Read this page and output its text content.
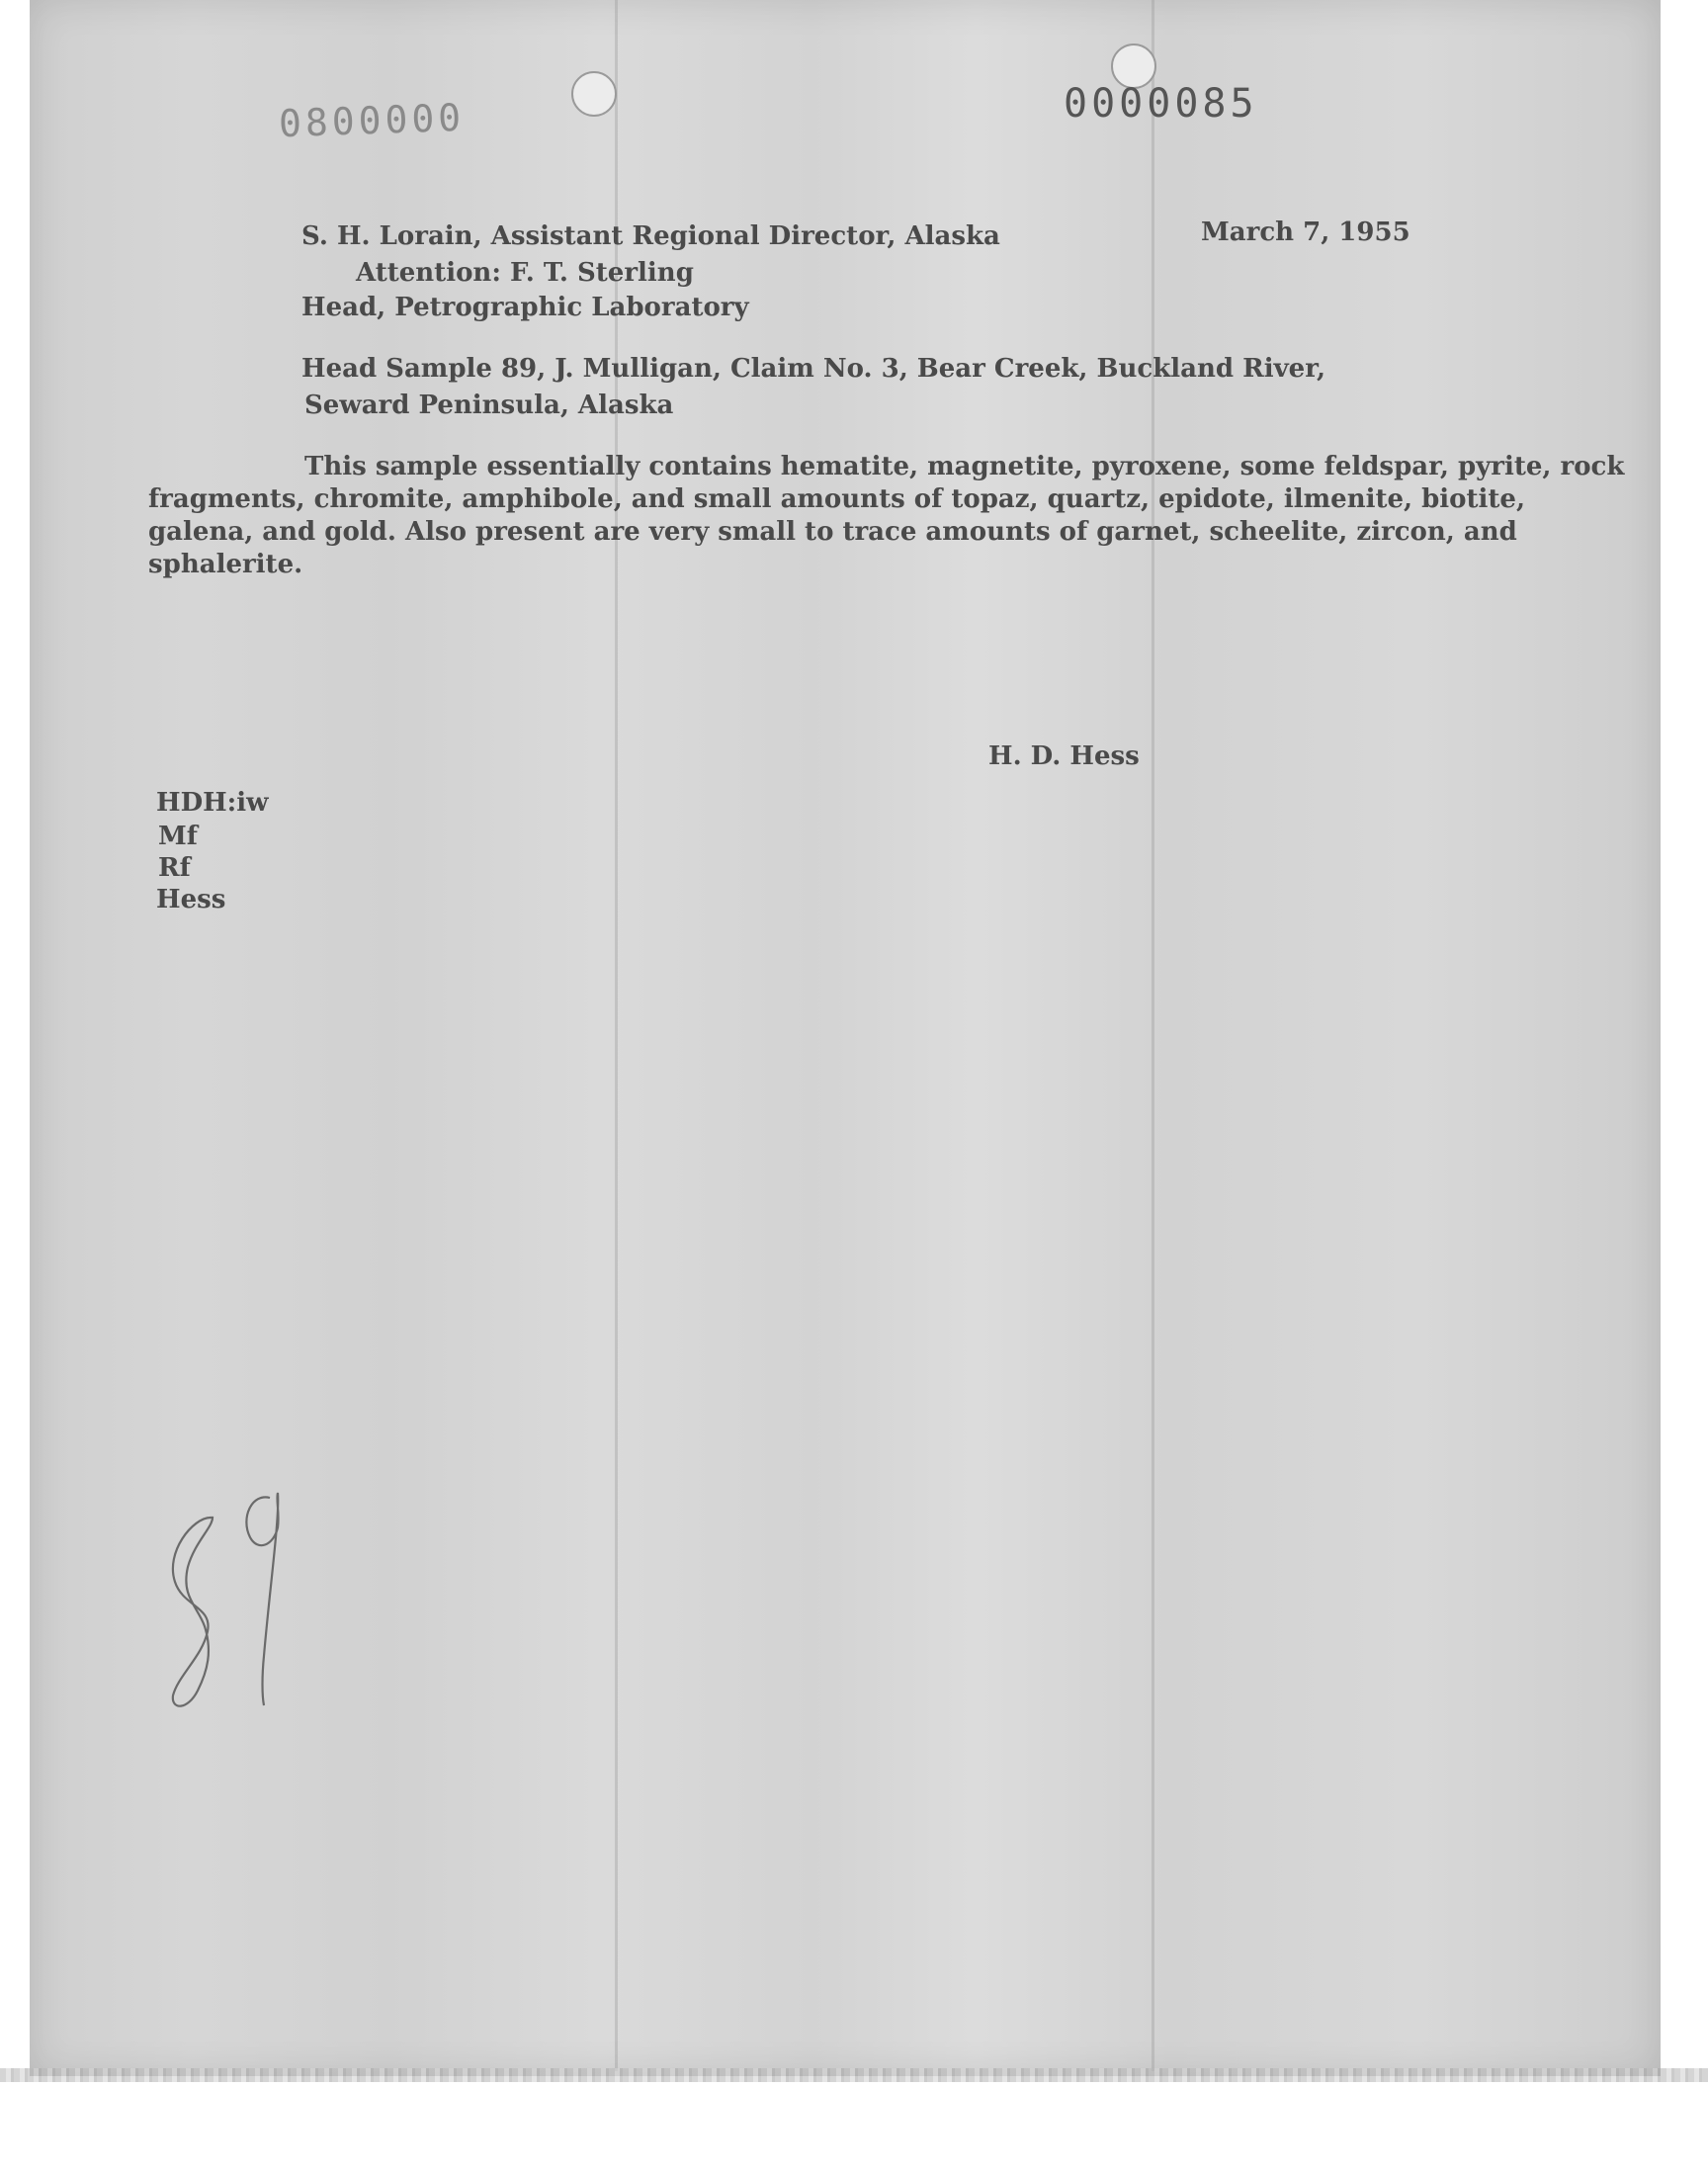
0800000	0000085

S. H. Lorain, Assistant Regional Director, Alaska	March 7, 1955

Attention: F. T. Sterling

Head, Petrographic Laboratory

Head Sample 89, J. Mulligan, Claim No. 3, Bear Creek, Buckland River,

Seward Peninsula, Alaska

This sample essentially contains hematite, magnetite, pyroxene, some feldspar, pyrite, rock fragments, chromite, amphibole, and small amounts of topaz, quartz, epidote, ilmenite, biotite, galena, and gold. Also present are very small to trace amounts of garnet, scheelite, zircon, and sphalerite.

H. D. Hess

HDH:iw

Mf

Rf

Hess
